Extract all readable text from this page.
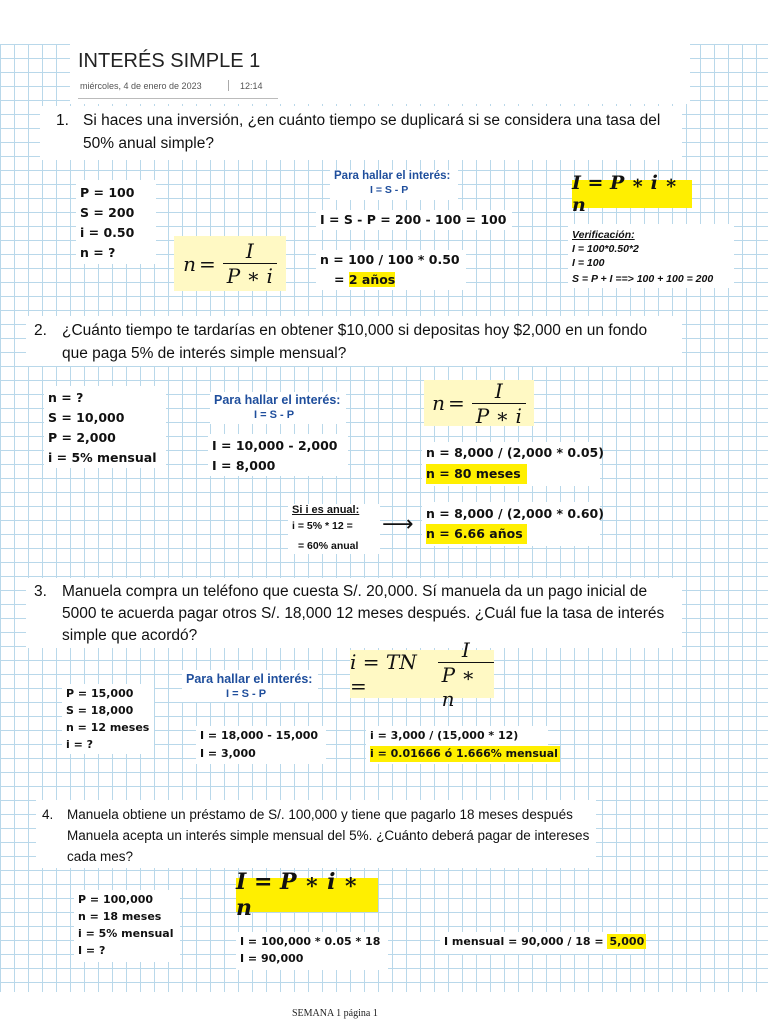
INTERÉS SIMPLE 1
miércoles, 4 de enero de 2023	12:14
1. Si haces una inversión, ¿en cuánto tiempo se duplicará si se considera una tasa del
50% anual simple?
P = 100
S = 200
i = 0.50
n = ?
Para hallar el interés:
I = S - P
I = S - P = 200 - 100 = 100
$n = \frac{I}{P ∗ i}$	n = 100 / 100 * 0.50
= 2 años
I = P ∗ i ∗ n
Verificación:
I = 100*0.50*2
I = 100
S = P + I ==> 100 + 100 = 200
2. ¿Cuánto tiempo te tardarías en obtener $10,000 si depositas hoy $2,000 en un fondo
que paga 5% de interés simple mensual?
n = ?
S = 10,000
P = 2,000
i = 5% mensual
Para hallar el interés:
I = S - P	$n = \frac{I}{P ∗ i}$
I = 10,000 - 2,000
I = 8,000
n = 8,000 / (2,000 * 0.05)
n = 80 meses
Si i es anual:
i = 5% * 12 =
= 60% anual
⟶ n = 8,000 / (2,000 * 0.60)
n = 6.66 años
3. Manuela compra un teléfono que cuesta S/. 20,000. Sí manuela da un pago inicial de
5000 te acuerda pagar otros S/. 18,000 12 meses después. ¿Cuál fue la tasa de interés
simple que acordó?
Para hallar el interés:
I = S - P
i = TN =	$\frac{I}{P ∗ n}$
P = 15,000
S = 18,000
n = 12 meses
i = ?
I = 18,000 - 15,000
I = 3,000
i = 3,000 / (15,000 * 12)
i = 0.01666 ó 1.666% mensual
4. Manuela obtiene un préstamo de S/. 100,000 y tiene que pagarlo 18 meses después
Manuela acepta un interés simple mensual del 5%. ¿Cuánto deberá pagar de intereses
cada mes?
I = P ∗ i ∗ n
P = 100,000
n = 18 meses
i = 5% mensual
I = ?
I = 100,000 * 0.05 * 18
I = 90,000
I mensual = 90,000 / 18 = 5,000
SEMANA 1 página 1
